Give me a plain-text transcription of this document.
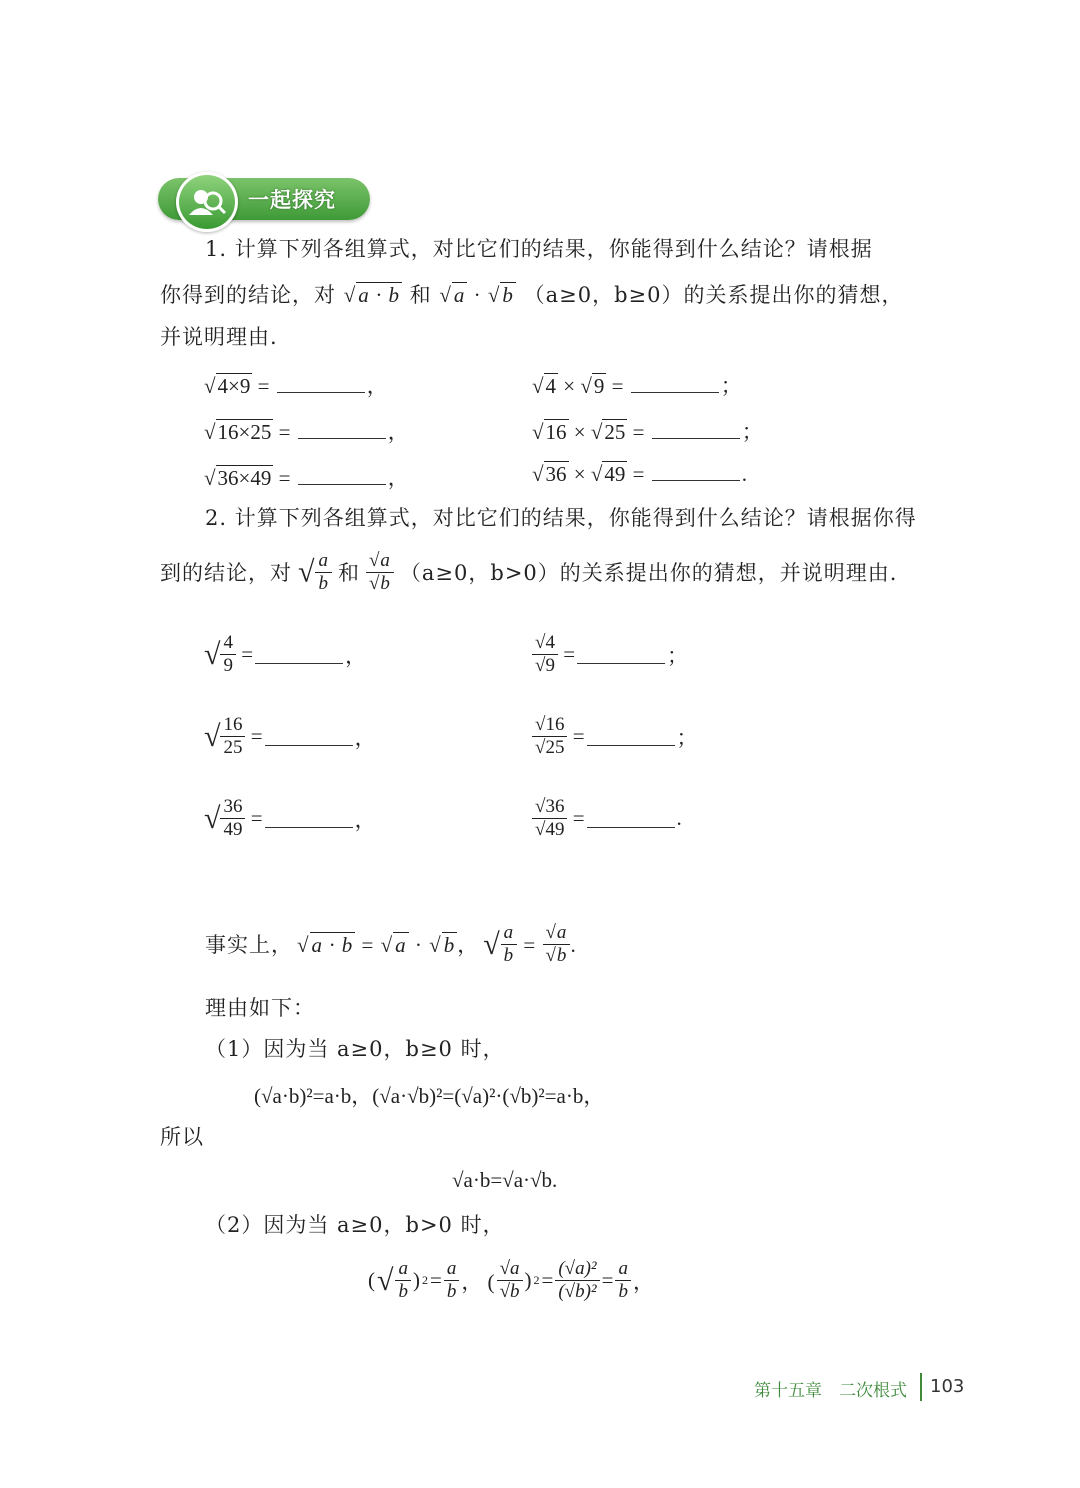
一起探究
1. 计算下列各组算式，对比它们的结果，你能得到什么结论？请根据
你得到的结论，对 √a · b 和 √a · √b （a≥0，b≥0）的关系提出你的猜想，
并说明理由.
√4×9 =	，	√4 × √9 =	；
√16×25 =	，	√16 × √25 =	；
√36×49 =	，	√36 × √49 =	.
2. 计算下列各组算式，对比它们的结果，你能得到什么结论？请根据你得
到的结论，对 √ $\frac{a}{b}$ 和 $\frac{√a}{√b} (a\ge 0$，b>0）的关系提出你的猜想，并说明理由.
√ $\frac{4}{9}$ =	，	$\frac{√4}{√9}$ =	；
√ $\frac{16}{25}$ =	，	$\frac{√16}{√25}$ =	；
√ $\frac{36}{49}$ =	，	$\frac{√36}{√49}$ =	.
事实上， √a · b = √a · √b， √ $\frac{a}{b} = \frac{√a}{√b}$ .
理由如下：
（1）因为当 a≥0，b≥0 时，
(√a·b)²=a·b，(√a·√b)²=(√a)²·(√b)²=a·b，
所以
√a·b=√a·√b.
（2）因为当 a≥0，b>0 时，
( √ $\frac{a}{b}$ ) $2 = \frac{a}{b}$ ， ( $\frac{√a}{√b}$ ) $2 = \frac{\text{(√a)²}}{\text{(√b)²}} = \frac{a}{b}$ ，
第十五章　二次根式 103
